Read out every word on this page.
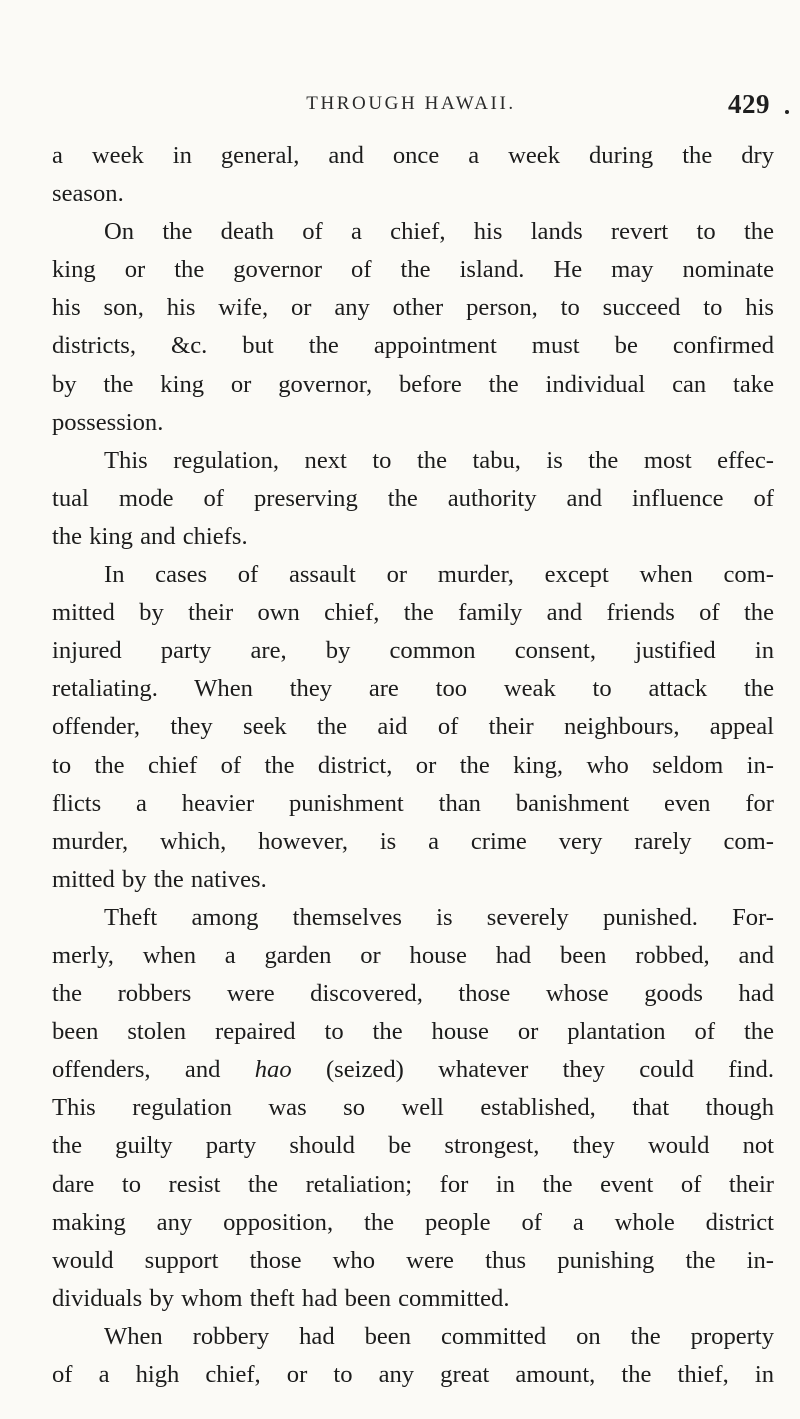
THROUGH HAWAII.	429
a week in general, and once a week during the dry
season.
On the death of a chief, his lands revert to the
king or the governor of the island. He may nominate
his son, his wife, or any other person, to succeed to his
districts, &c. but the appointment must be confirmed
by the king or governor, before the individual can take
possession.
This regulation, next to the tabu, is the most effec-
tual mode of preserving the authority and influence of
the king and chiefs.
In cases of assault or murder, except when com-
mitted by their own chief, the family and friends of the
injured party are, by common consent, justified in
retaliating. When they are too weak to attack the
offender, they seek the aid of their neighbours, appeal
to the chief of the district, or the king, who seldom in-
flicts a heavier punishment than banishment even for
murder, which, however, is a crime very rarely com-
mitted by the natives.
Theft among themselves is severely punished. For-
merly, when a garden or house had been robbed, and
the robbers were discovered, those whose goods had
been stolen repaired to the house or plantation of the
offenders, and hao (seized) whatever they could find.
This regulation was so well established, that though
the guilty party should be strongest, they would not
dare to resist the retaliation; for in the event of their
making any opposition, the people of a whole district
would support those who were thus punishing the in-
dividuals by whom theft had been committed.
When robbery had been committed on the property
of a high chief, or to any great amount, the thief, in
